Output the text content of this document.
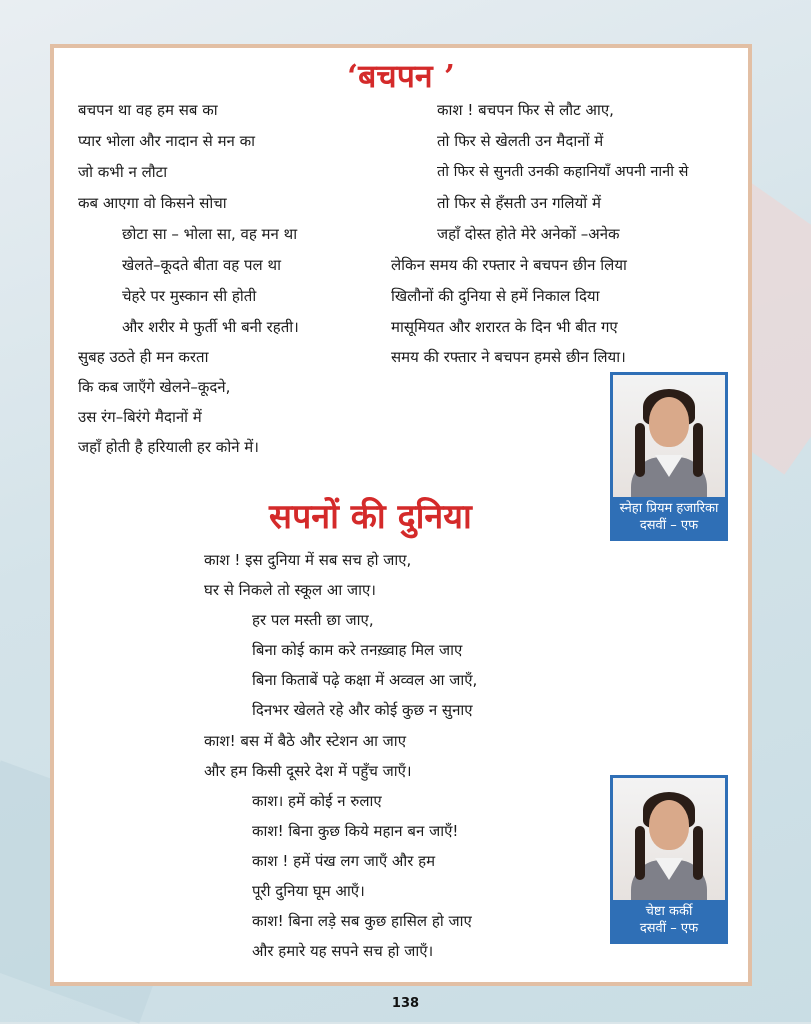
‘बचपन ’
बचपन था वह हम सब का
प्यार भोला और नादान से मन का
जो कभी न लौटा
कब आएगा वो किसने सोचा
छोटा सा – भोला सा, वह मन था
खेलते–कूदते बीता वह पल था
चेहरे पर मुस्कान सी होती
और शरीर मे फुर्ती भी बनी रहती।
सुबह उठते ही मन करता
कि कब जाएँगे खेलने–कूदने,
उस रंग–बिरंगे मैदानों में
जहाँ होती है हरियाली हर कोने में।
काश ! बचपन फिर से लौट आए,
तो फिर से खेलती उन मैदानों में
तो फिर से सुनती उनकी कहानियाँ अपनी नानी से
तो फिर से हँसती उन गलियों में
जहाँ दोस्त होते मेरे अनेकों –अनेक
लेकिन समय की रफ्तार ने बचपन छीन लिया
खिलौनों की दुनिया से हमें निकाल दिया
मासूमियत और शरारत के दिन भी बीत गए
समय की रफ्तार ने बचपन हमसे छीन लिया।
स्नेहा प्रियम हजारिका
दसवीं – एफ
सपनों की दुनिया
काश ! इस दुनिया में सब सच हो जाए,
घर से निकले तो स्कूल आ जाए।
हर पल मस्ती छा जाए,
बिना कोई काम करे तनख़्वाह मिल जाए
बिना किताबें पढ़े कक्षा में अव्वल आ जाएँ,
दिनभर खेलते रहे और कोई कुछ न सुनाए
काश! बस में बैठे और स्टेशन आ जाए
और हम किसी दूसरे देश में पहुँच जाएँ।
काश। हमें कोई न रुलाए
काश! बिना कुछ किये महान बन जाएँ!
काश ! हमें पंख लग जाएँ और हम
पूरी दुनिया घूम आएँ।
काश! बिना लड़े सब कुछ हासिल हो जाए
और हमारे यह सपने सच हो जाएँ।
चेष्टा कर्की
दसवीं – एफ
138
